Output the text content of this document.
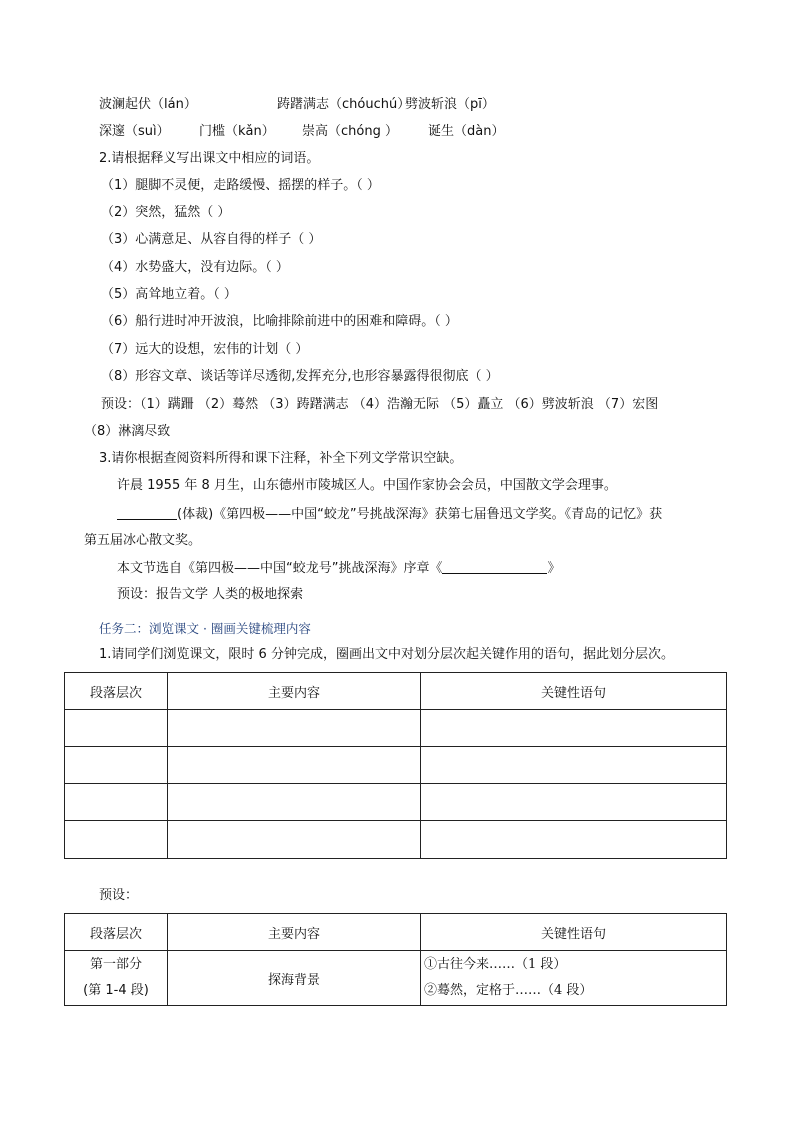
波澜起伏（lán）	踌躇满志（chóuchú）劈波斩浪（pī）
深邃（suì） 门槛（kǎn） 崇高（chóng ） 诞生（dàn）
2.请根据释义写出课文中相应的词语。
（1）腿脚不灵便，走路缓慢、摇摆的样子。（ ）
（2）突然，猛然（ ）
（3）心满意足、从容自得的样子（ ）
（4）水势盛大，没有边际。（ ）
（5）高耸地立着。（ ）
（6）船行进时冲开波浪，比喻排除前进中的困难和障碍。（ ）
（7）远大的设想，宏伟的计划（ ）
（8）形容文章、谈话等详尽透彻,发挥充分,也形容暴露得很彻底（ ）
预设：（1）蹒跚 （2）蓦然 （3）踌躇满志 （4）浩瀚无际 （5）矗立 （6）劈波斩浪 （7）宏图
（8）淋漓尽致
3.请你根据查阅资料所得和课下注释，补全下列文学常识空缺。
许晨 1955 年 8 月生，山东德州市陵城区人。中国作家协会会员，中国散文学会理事。
(体裁)《第四极——中国“蛟龙”号挑战深海》获第七届鲁迅文学奖。《青岛的记忆》获
第五届冰心散文奖。
本文节选自《第四极——中国“蛟龙号”挑战深海》序章《	》
预设：报告文学 人类的极地探索
任务二：浏览课文 · 圈画关键梳理内容
1.请同学们浏览课文，限时 6 分钟完成，圈画出文中对划分层次起关键作用的语句，据此划分层次。
段落层次	主要内容	关键性语句

预设：
段落层次	主要内容	关键性语句

第一部分
(第 1-4 段)	探海背景	①古往今来……（1 段）
②蓦然，定格于……（4 段）
